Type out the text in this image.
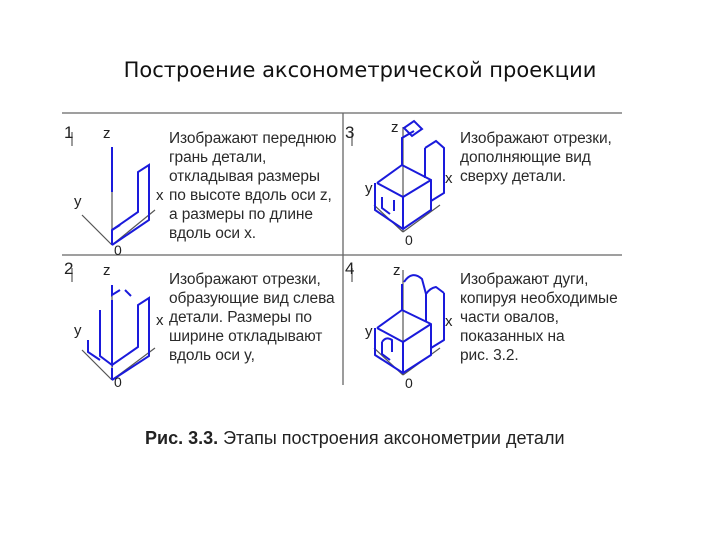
Построение аксонометрической проекции
z
x
y
0
z
x
y
0
z
x
y
0
z
x
y
0
1	3
2	4
Изображают переднюю
грань детали,
откладывая размеры
по высоте вдоль оси z,
а размеры по длине
вдоль оси x.
Изображают отрезки,
дополняющие вид
сверху детали.
Изображают отрезки,
образующие вид слева
детали. Размеры по
ширине откладывают
вдоль оси y,
Изображают дуги,
копируя необходимые
части овалов,
показанных на
рис. 3.2.
Рис. 3.3. Этапы построения аксонометрии детали
